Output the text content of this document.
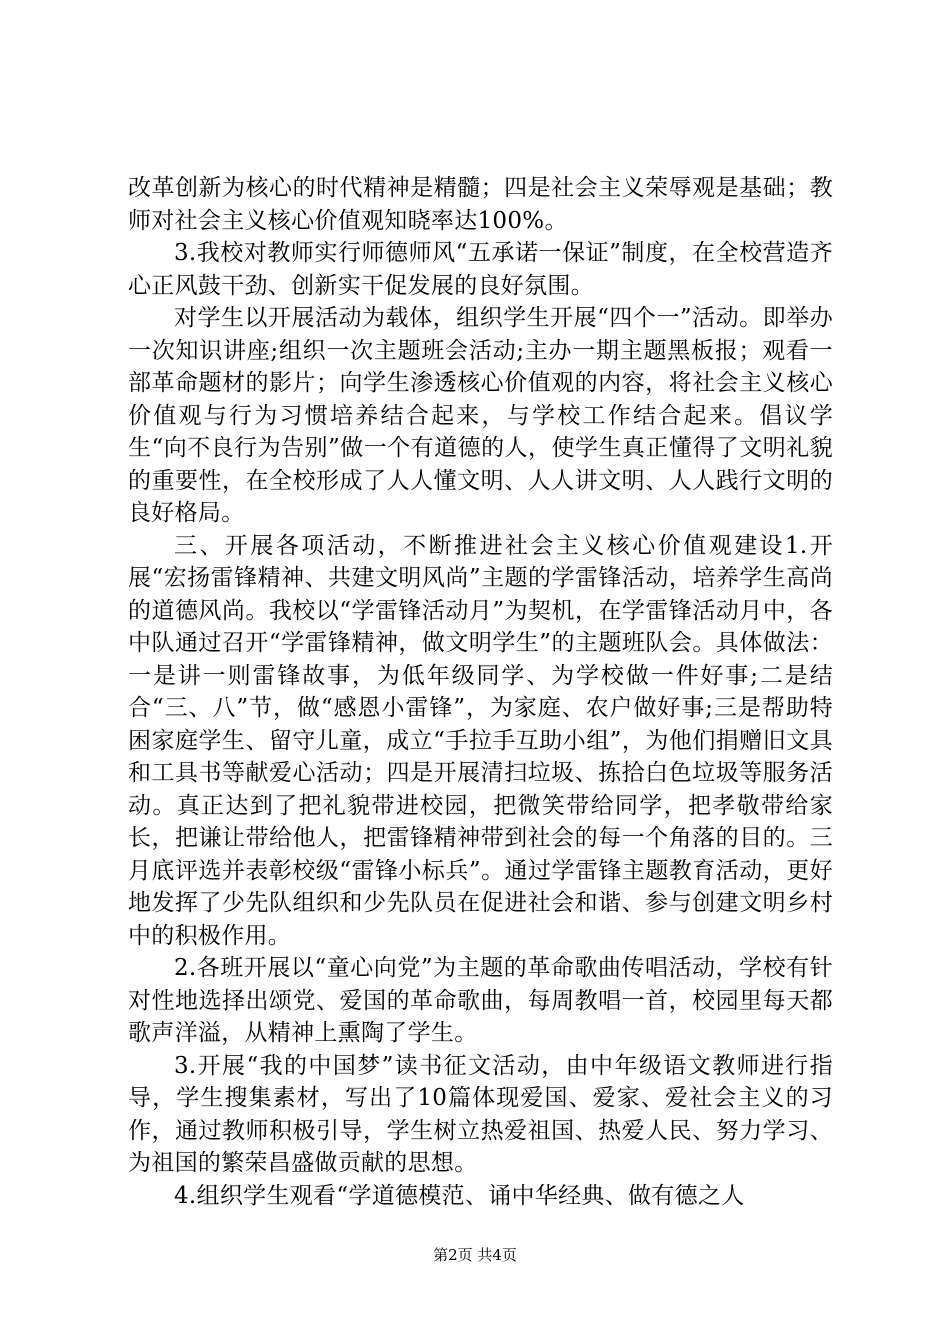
改革创新为核心的时代精神是精髓；四是社会主义荣辱观是基础；教师对社会主义核心价值观知晓率达100%。

3.我校对教师实行师德师风“五承诺一保证”制度，在全校营造齐心正风鼓干劲、创新实干促发展的良好氛围。

对学生以开展活动为载体，组织学生开展“四个一”活动。即举办一次知识讲座;组织一次主题班会活动;主办一期主题黑板报；观看一部革命题材的影片；向学生渗透核心价值观的内容，将社会主义核心价值观与行为习惯培养结合起来，与学校工作结合起来。倡议学生“向不良行为告别”做一个有道德的人，使学生真正懂得了文明礼貌的重要性，在全校形成了人人懂文明、人人讲文明、人人践行文明的良好格局。

三、开展各项活动，不断推进社会主义核心价值观建设1.开展“宏扬雷锋精神、共建文明风尚”主题的学雷锋活动，培养学生高尚的道德风尚。我校以“学雷锋活动月”为契机，在学雷锋活动月中，各中队通过召开“学雷锋精神，做文明学生”的主题班队会。具体做法：一是讲一则雷锋故事，为低年级同学、为学校做一件好事;二是结合“三、八”节，做“感恩小雷锋”，为家庭、农户做好事;三是帮助特困家庭学生、留守儿童，成立“手拉手互助小组”，为他们捐赠旧文具和工具书等献爱心活动；四是开展清扫垃圾、拣拾白色垃圾等服务活动。真正达到了把礼貌带进校园，把微笑带给同学，把孝敬带给家长，把谦让带给他人，把雷锋精神带到社会的每一个角落的目的。三月底评选并表彰校级“雷锋小标兵”。通过学雷锋主题教育活动，更好地发挥了少先队组织和少先队员在促进社会和谐、参与创建文明乡村中的积极作用。

2.各班开展以“童心向党”为主题的革命歌曲传唱活动，学校有针对性地选择出颂党、爱国的革命歌曲，每周教唱一首，校园里每天都歌声洋溢，从精神上熏陶了学生。

3.开展“我的中国梦”读书征文活动，由中年级语文教师进行指导，学生搜集素材，写出了10篇体现爱国、爱家、爱社会主义的习作，通过教师积极引导，学生树立热爱祖国、热爱人民、努力学习、为祖国的繁荣昌盛做贡献的思想。

4.组织学生观看“学道德模范、诵中华经典、做有德之人

第2页 共4页
